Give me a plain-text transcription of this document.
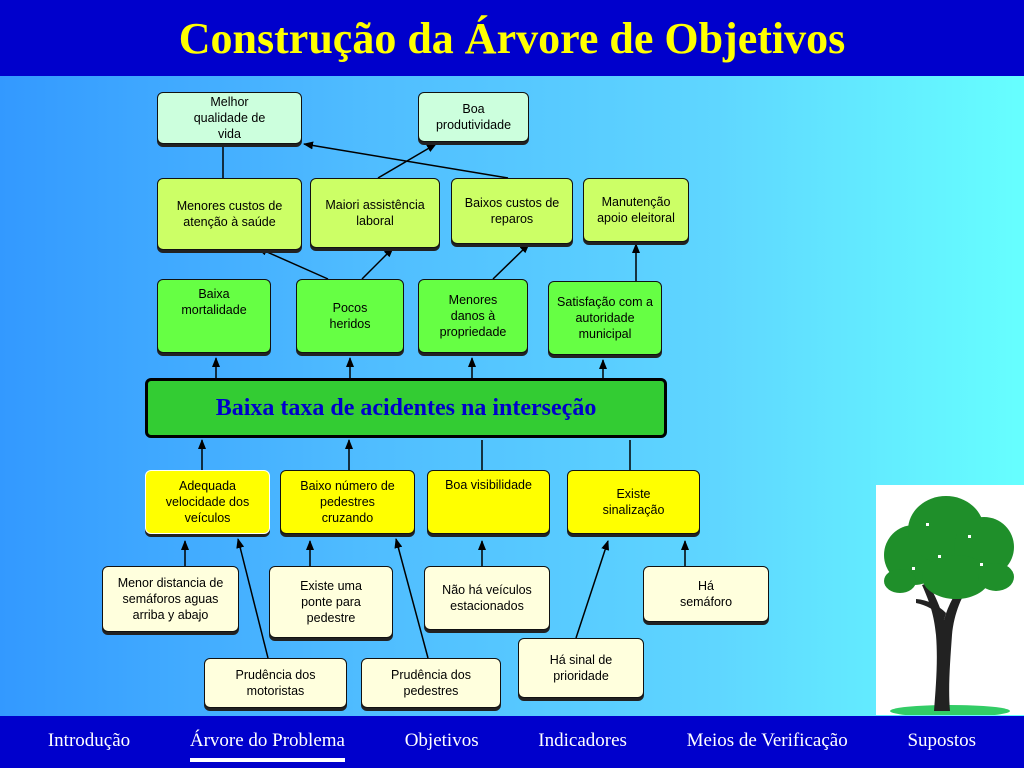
Construção da Árvore de Objetivos
Melhor
qualidade de
vida
Boa
produtividade
Menores custos de
atenção à saúde
Maiori assistência
laboral
Baixos custos de
reparos
Manutenção
apoio eleitoral
Baixa
mortalidade	Pocos
heridos
Menores
danos à
propriedade
Satisfação com a
autoridade
municipal
Baixa taxa de acidentes na interseção
Adequada
velocidade dos
veículos
Baixo número de
pedestres
cruzando
Boa visibilidade
Existe
sinalização
Menor distancia de
semáforos aguas
arriba y abajo
Existe uma
ponte para
pedestre
Não há veículos
estacionados
Há
semáforo
Prudência dos
motoristas
Prudência dos
pedestres
Há sinal de
prioridade
Introdução	Árvore do Problema	Objetivos	Indicadores	Meios de Verificação	Supostos
